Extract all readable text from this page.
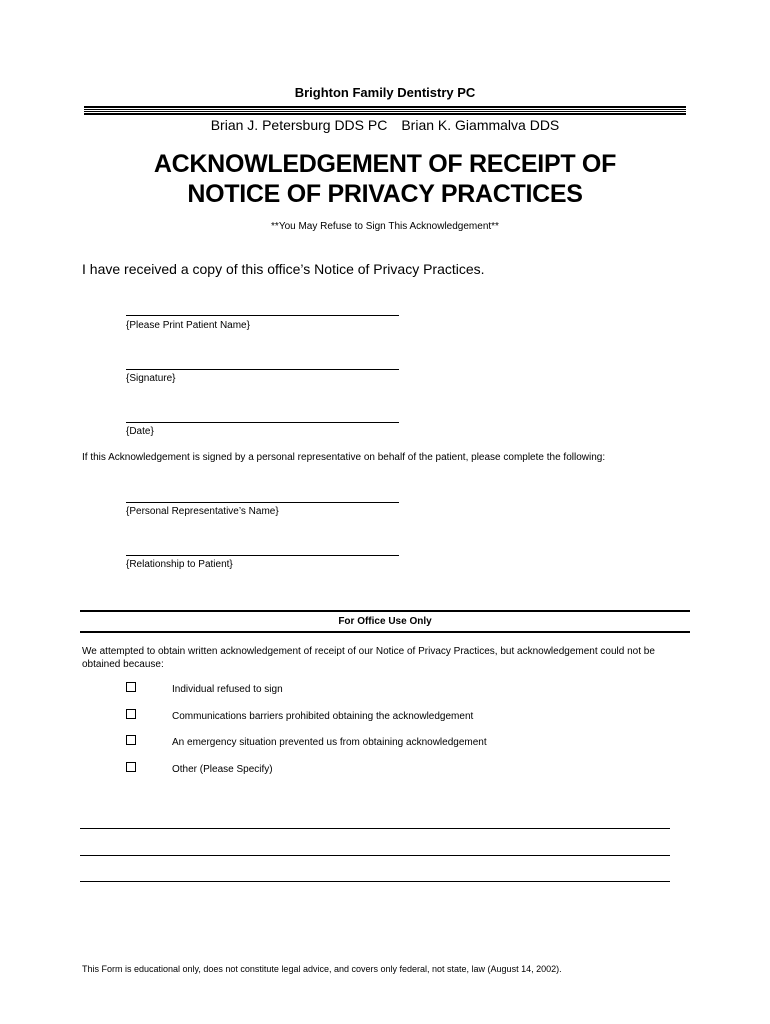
Brighton Family Dentistry PC
Brian J. Petersburg DDS PC Brian K. Giammalva DDS
ACKNOWLEDGEMENT OF RECEIPT OF
NOTICE OF PRIVACY PRACTICES
**You May Refuse to Sign This Acknowledgement**
I have received a copy of this office’s Notice of Privacy Practices.
{Please Print Patient Name}
{Signature}
{Date}
If this Acknowledgement is signed by a personal representative on behalf of the patient, please complete the following:
{Personal Representative’s Name}
{Relationship to Patient}
For Office Use Only
We attempted to obtain written acknowledgement of receipt of our Notice of Privacy Practices, but acknowledgement could not be obtained because:
Individual refused to sign
Communications barriers prohibited obtaining the acknowledgement
An emergency situation prevented us from obtaining acknowledgement
Other (Please Specify)
This Form is educational only, does not constitute legal advice, and covers only federal, not state, law (August 14, 2002).
